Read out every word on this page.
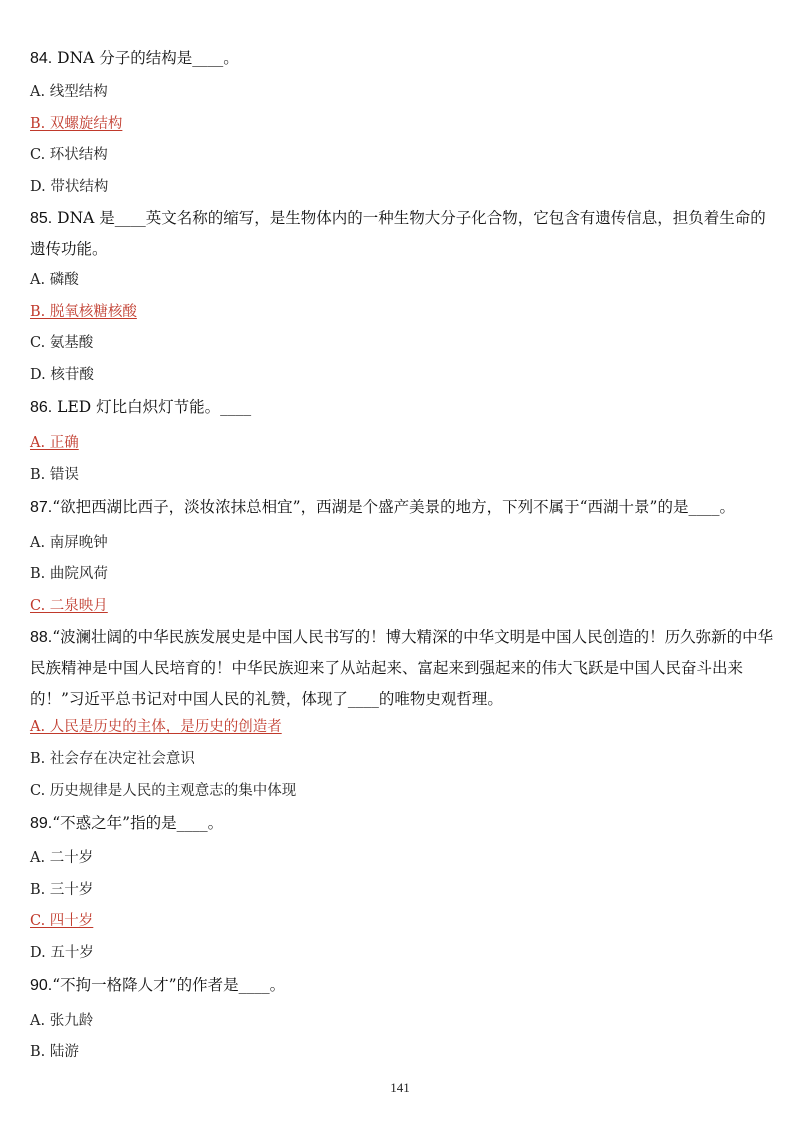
84. DNA 分子的结构是____。
A. 线型结构
B. 双螺旋结构
C. 环状结构
D. 带状结构
85. DNA 是____英文名称的缩写，是生物体内的一种生物大分子化合物，它包含有遗传信息，担负着生命的遗传功能。
A. 磷酸
B. 脱氧核糖核酸
C. 氨基酸
D. 核苷酸
86. LED 灯比白炽灯节能。____
A. 正确
B. 错误
87.“欲把西湖比西子，淡妆浓抹总相宜”，西湖是个盛产美景的地方，下列不属于“西湖十景”的是____。
A. 南屏晚钟
B. 曲院风荷
C. 二泉映月
88.“波澜壮阔的中华民族发展史是中国人民书写的！博大精深的中华文明是中国人民创造的！历久弥新的中华民族精神是中国人民培育的！中华民族迎来了从站起来、富起来到强起来的伟大飞跃是中国人民奋斗出来的！”习近平总书记对中国人民的礼赞，体现了____的唯物史观哲理。
A. 人民是历史的主体，是历史的创造者
B. 社会存在决定社会意识
C. 历史规律是人民的主观意志的集中体现
89.“不惑之年”指的是____。
A. 二十岁
B. 三十岁
C. 四十岁
D. 五十岁
90.“不拘一格降人才”的作者是____。
A. 张九龄
B. 陆游
141
